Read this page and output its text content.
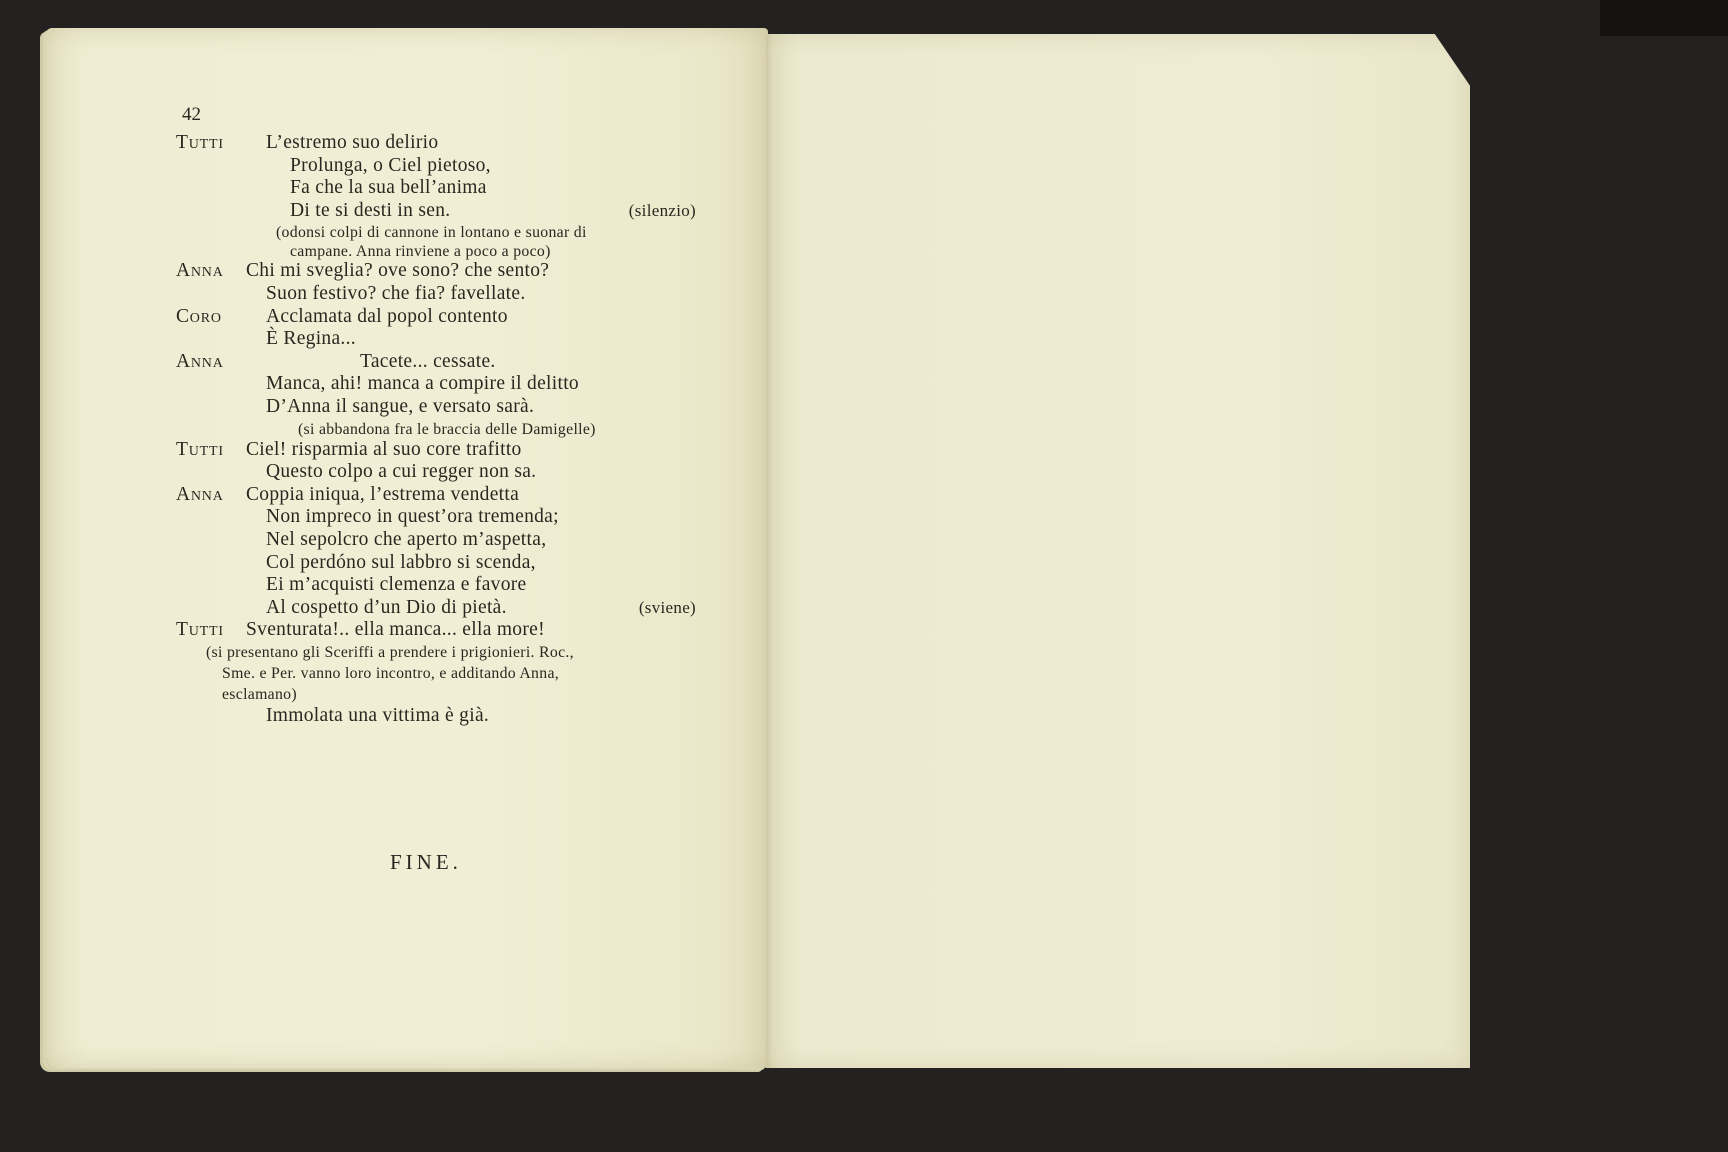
42
Tutti L’estremo suo delirio
Prolunga, o Ciel pietoso,
Fa che la sua bell’anima
Di te si desti in sen.	(silenzio)
(odonsi colpi di cannone in lontano e suonar di
campane. Anna rinviene a poco a poco)
Anna Chi mi sveglia? ove sono? che sento?
Suon festivo? che fia? favellate.
Coro Acclamata dal popol contento
È Regina...
Anna	Tacete... cessate.
Manca, ahi! manca a compire il delitto
D’Anna il sangue, e versato sarà.
(si abbandona fra le braccia delle Damigelle)
Tutti Ciel! risparmia al suo core trafitto
Questo colpo a cui regger non sa.
Anna Coppia iniqua, l’estrema vendetta
Non impreco in quest’ora tremenda;
Nel sepolcro che aperto m’aspetta,
Col perdóno sul labbro si scenda,
Ei m’acquisti clemenza e favore
Al cospetto d’un Dio di pietà.	(sviene)
Tutti Sventurata!.. ella manca... ella more!
(si presentano gli Sceriffi a prendere i prigionieri. Roc.,
Sme. e Per. vanno loro incontro, e additando Anna,
esclamano)
Immolata una vittima è già.
FINE.
